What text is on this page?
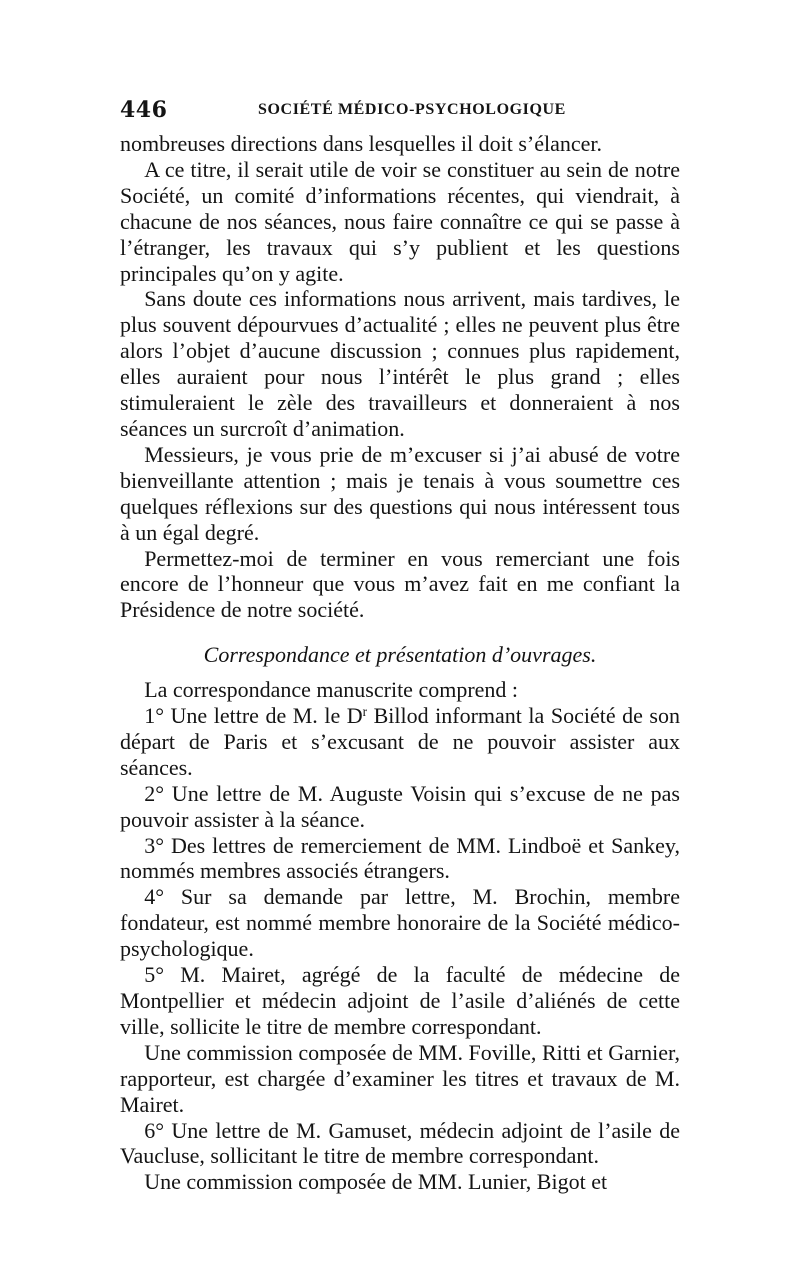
446	SOCIÉTÉ MÉDICO-PSYCHOLOGIQUE

nombreuses directions dans lesquelles il doit s’élancer.

A ce titre, il serait utile de voir se constituer au sein de notre Société, un comité d’informations récentes, qui viendrait, à chacune de nos séances, nous faire connaître ce qui se passe à l’étranger, les travaux qui s’y publient et les questions principales qu’on y agite.

Sans doute ces informations nous arrivent, mais tardives, le plus souvent dépourvues d’actualité ; elles ne peuvent plus être alors l’objet d’aucune discussion ; connues plus rapidement, elles auraient pour nous l’intérêt le plus grand ; elles stimuleraient le zèle des travailleurs et donneraient à nos séances un surcroît d’animation.

Messieurs, je vous prie de m’excuser si j’ai abusé de votre bienveillante attention ; mais je tenais à vous soumettre ces quelques réflexions sur des questions qui nous intéressent tous à un égal degré.

Permettez-moi de terminer en vous remerciant une fois encore de l’honneur que vous m’avez fait en me confiant la Présidence de notre société.

Correspondance et présentation d’ouvrages.

La correspondance manuscrite comprend :

1° Une lettre de M. le $D^r$ Billod informant la Société de son départ de Paris et s’excusant de ne pouvoir assister aux séances.

2° Une lettre de M. Auguste Voisin qui s’excuse de ne pas pouvoir assister à la séance.

3° Des lettres de remerciement de MM. Lindboë et Sankey, nommés membres associés étrangers.

4° Sur sa demande par lettre, M. Brochin, membre fondateur, est nommé membre honoraire de la Société médico-psychologique.

5° M. Mairet, agrégé de la faculté de médecine de Montpellier et médecin adjoint de l’asile d’aliénés de cette ville, sollicite le titre de membre correspondant.

Une commission composée de MM. Foville, Ritti et Garnier, rapporteur, est chargée d’examiner les titres et travaux de M. Mairet.

6° Une lettre de M. Gamuset, médecin adjoint de l’asile de Vaucluse, sollicitant le titre de membre correspondant.

Une commission composée de MM. Lunier, Bigot et
